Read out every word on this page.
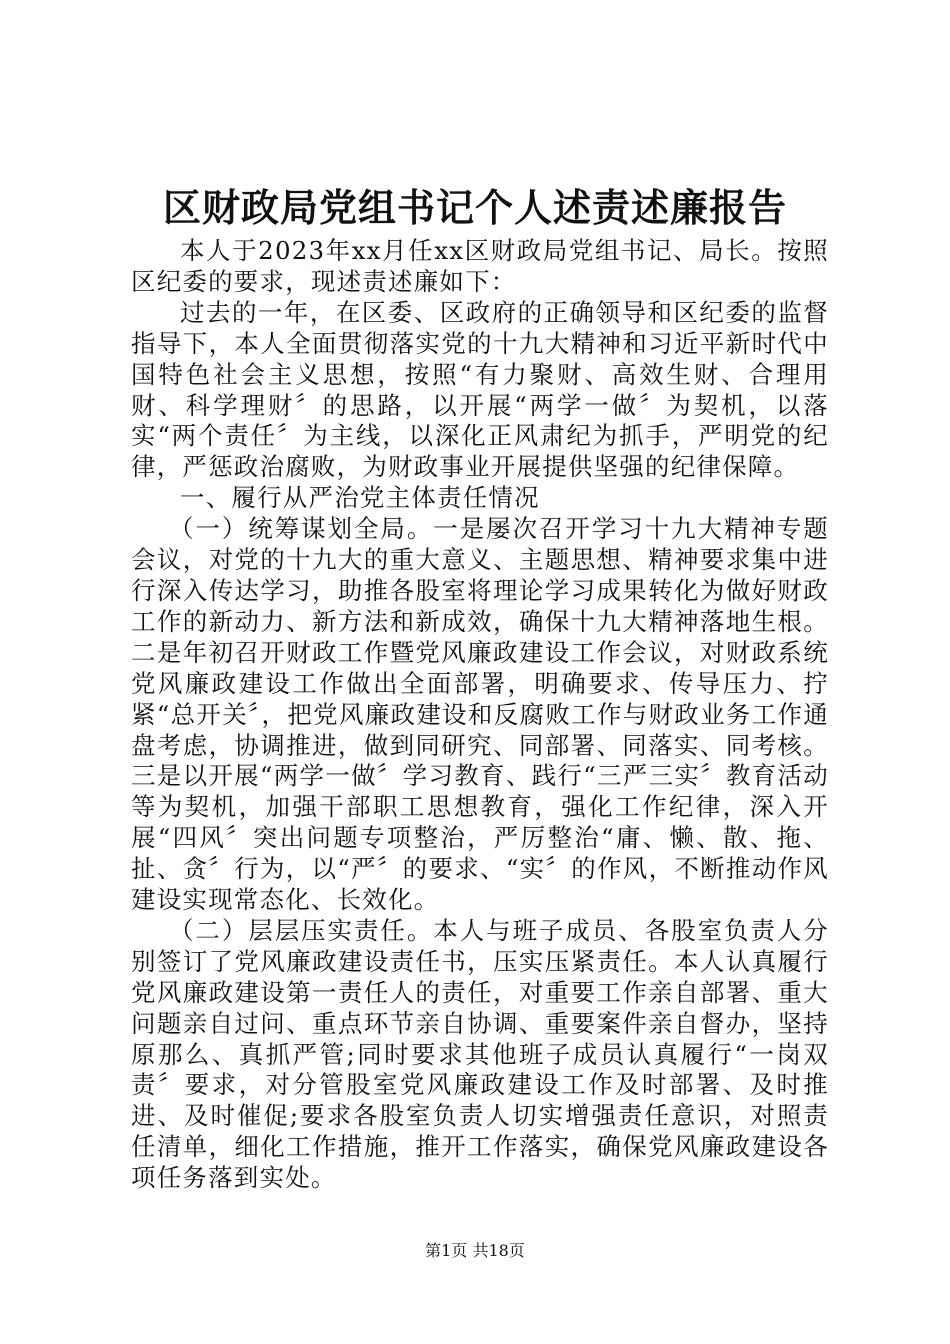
区财政局党组书记个人述责述廉报告

本人于2023年xx月任xx区财政局党组书记、局长。按照区纪委的要求，现述责述廉如下：

过去的一年，在区委、区政府的正确领导和区纪委的监督指导下，本人全面贯彻落实党的十九大精神和习近平新时代中国特色社会主义思想，按照“有力聚财、高效生财、合理用财、科学理财〞的思路，以开展“两学一做〞为契机，以落实“两个责任〞为主线，以深化正风肃纪为抓手，严明党的纪律，严惩政治腐败，为财政事业开展提供坚强的纪律保障。

一、履行从严治党主体责任情况

（一）统筹谋划全局。一是屡次召开学习十九大精神专题会议，对党的十九大的重大意义、主题思想、精神要求集中进行深入传达学习，助推各股室将理论学习成果转化为做好财政工作的新动力、新方法和新成效，确保十九大精神落地生根。二是年初召开财政工作暨党风廉政建设工作会议，对财政系统党风廉政建设工作做出全面部署，明确要求、传导压力、拧紧“总开关〞，把党风廉政建设和反腐败工作与财政业务工作通盘考虑，协调推进，做到同研究、同部署、同落实、同考核。三是以开展“两学一做〞学习教育、践行“三严三实〞教育活动等为契机，加强干部职工思想教育，强化工作纪律，深入开展“四风〞突出问题专项整治，严厉整治“庸、懒、散、拖、扯、贪〞行为，以“严〞的要求、“实〞的作风，不断推动作风建设实现常态化、长效化。

（二）层层压实责任。本人与班子成员、各股室负责人分别签订了党风廉政建设责任书，压实压紧责任。本人认真履行党风廉政建设第一责任人的责任，对重要工作亲自部署、重大问题亲自过问、重点环节亲自协调、重要案件亲自督办，坚持原那么、真抓严管;同时要求其他班子成员认真履行“一岗双责〞要求，对分管股室党风廉政建设工作及时部署、及时推进、及时催促;要求各股室负责人切实增强责任意识，对照责任清单，细化工作措施，推开工作落实，确保党风廉政建设各项任务落到实处。

第1页 共18页
